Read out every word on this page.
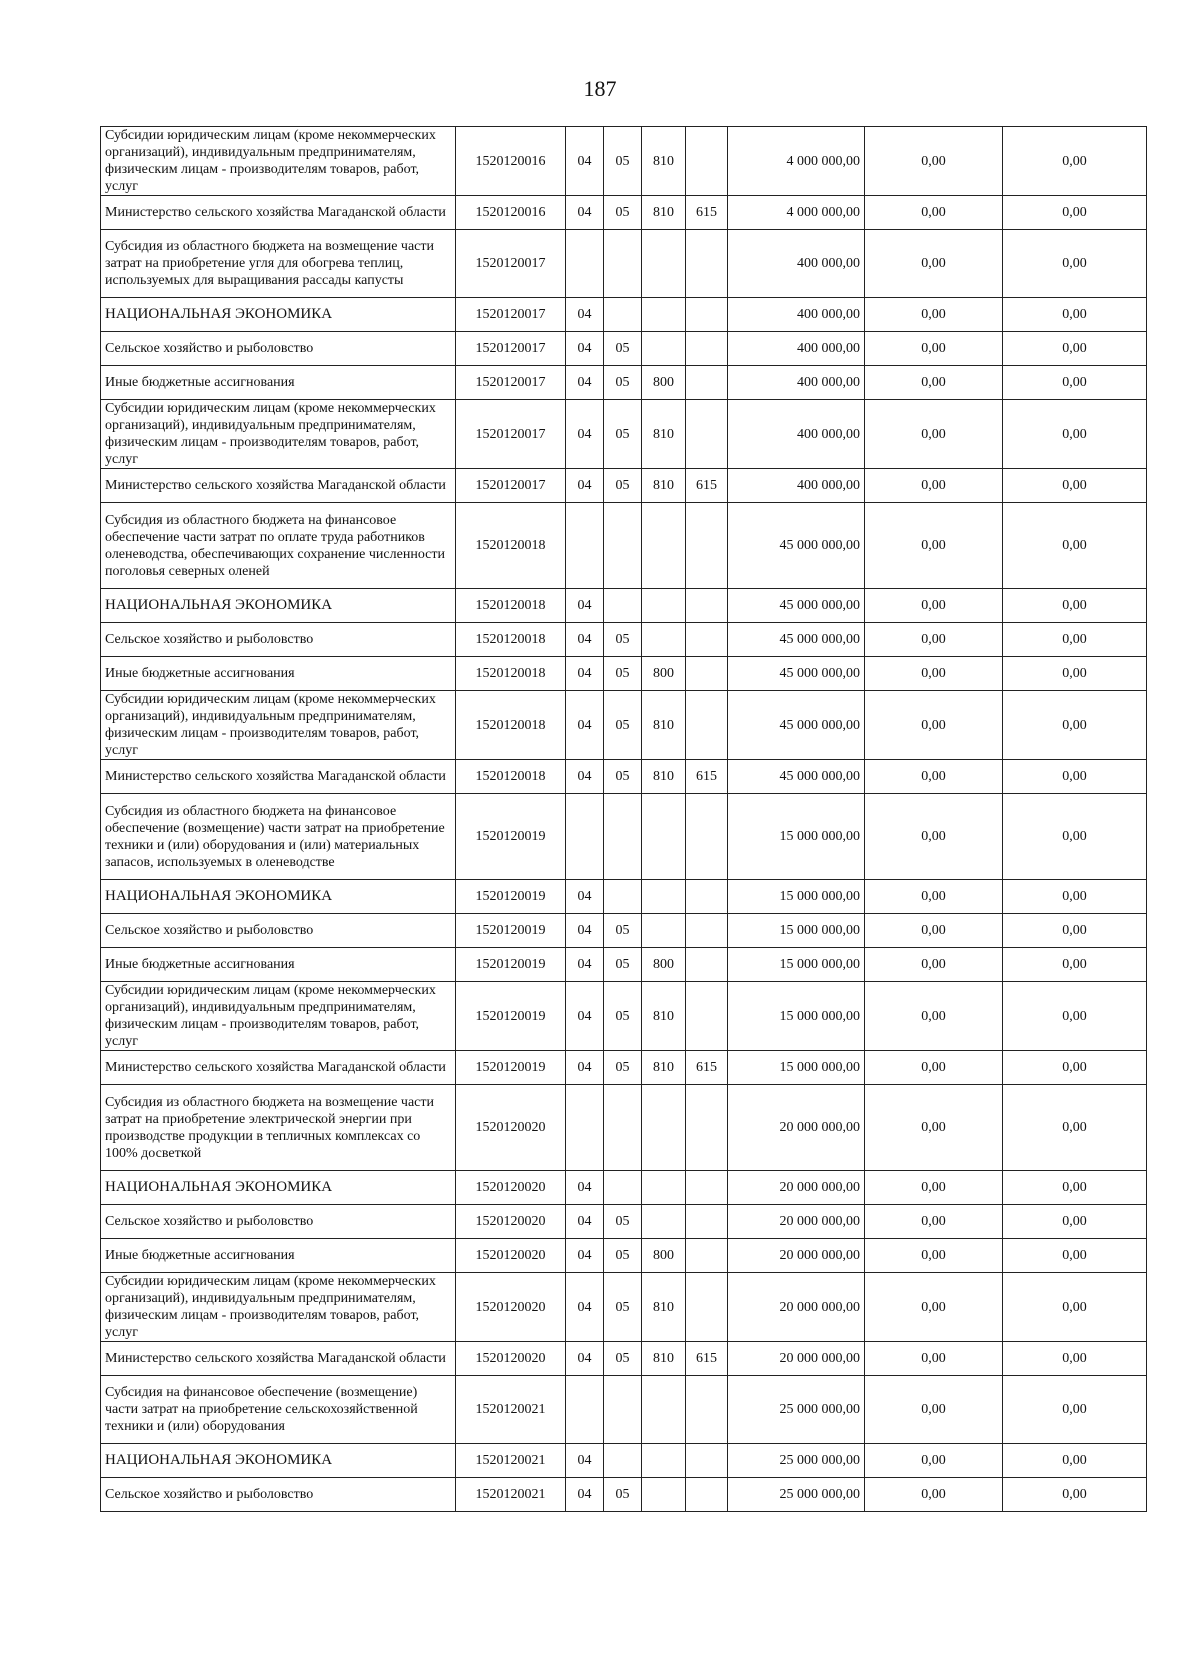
187
Субсидии юридическим лицам (кроме некоммерческих организаций), индивидуальным предпринимателям, физическим лицам - производителям товаров, работ, услуг	1520120016	04	05	810		4 000 000,00	0,00	0,00
Министерство сельского хозяйства Магаданской области	1520120016	04	05	810	615	4 000 000,00	0,00	0,00
Субсидия из областного бюджета на возмещение части затрат на приобретение угля для обогрева теплиц, используемых для выращивания рассады капусты	1520120017					400 000,00	0,00	0,00
НАЦИОНАЛЬНАЯ ЭКОНОМИКА	1520120017	04				400 000,00	0,00	0,00
Сельское хозяйство и рыболовство	1520120017	04	05			400 000,00	0,00	0,00
Иные бюджетные ассигнования	1520120017	04	05	800		400 000,00	0,00	0,00
Субсидии юридическим лицам (кроме некоммерческих организаций), индивидуальным предпринимателям, физическим лицам - производителям товаров, работ, услуг	1520120017	04	05	810		400 000,00	0,00	0,00
Министерство сельского хозяйства Магаданской области	1520120017	04	05	810	615	400 000,00	0,00	0,00
Субсидия из областного бюджета на финансовое обеспечение части затрат по оплате труда работников оленеводства, обеспечивающих сохранение численности поголовья северных оленей	1520120018					45 000 000,00	0,00	0,00
НАЦИОНАЛЬНАЯ ЭКОНОМИКА	1520120018	04				45 000 000,00	0,00	0,00
Сельское хозяйство и рыболовство	1520120018	04	05			45 000 000,00	0,00	0,00
Иные бюджетные ассигнования	1520120018	04	05	800		45 000 000,00	0,00	0,00
Субсидии юридическим лицам (кроме некоммерческих организаций), индивидуальным предпринимателям, физическим лицам - производителям товаров, работ, услуг	1520120018	04	05	810		45 000 000,00	0,00	0,00
Министерство сельского хозяйства Магаданской области	1520120018	04	05	810	615	45 000 000,00	0,00	0,00
Субсидия из областного бюджета на финансовое обеспечение (возмещение) части затрат на приобретение техники и (или) оборудования и (или) материальных запасов, используемых в оленеводстве	1520120019					15 000 000,00	0,00	0,00
НАЦИОНАЛЬНАЯ ЭКОНОМИКА	1520120019	04				15 000 000,00	0,00	0,00
Сельское хозяйство и рыболовство	1520120019	04	05			15 000 000,00	0,00	0,00
Иные бюджетные ассигнования	1520120019	04	05	800		15 000 000,00	0,00	0,00
Субсидии юридическим лицам (кроме некоммерческих организаций), индивидуальным предпринимателям, физическим лицам - производителям товаров, работ, услуг	1520120019	04	05	810		15 000 000,00	0,00	0,00
Министерство сельского хозяйства Магаданской области	1520120019	04	05	810	615	15 000 000,00	0,00	0,00
Субсидия из областного бюджета на возмещение части затрат на приобретение электрической энергии при производстве продукции в тепличных комплексах со 100% досветкой	1520120020					20 000 000,00	0,00	0,00
НАЦИОНАЛЬНАЯ ЭКОНОМИКА	1520120020	04				20 000 000,00	0,00	0,00
Сельское хозяйство и рыболовство	1520120020	04	05			20 000 000,00	0,00	0,00
Иные бюджетные ассигнования	1520120020	04	05	800		20 000 000,00	0,00	0,00
Субсидии юридическим лицам (кроме некоммерческих организаций), индивидуальным предпринимателям, физическим лицам - производителям товаров, работ, услуг	1520120020	04	05	810		20 000 000,00	0,00	0,00
Министерство сельского хозяйства Магаданской области	1520120020	04	05	810	615	20 000 000,00	0,00	0,00
Субсидия на финансовое обеспечение (возмещение) части затрат на приобретение сельскохозяйственной техники и (или) оборудования	1520120021					25 000 000,00	0,00	0,00
НАЦИОНАЛЬНАЯ ЭКОНОМИКА	1520120021	04				25 000 000,00	0,00	0,00
Сельское хозяйство и рыболовство	1520120021	04	05			25 000 000,00	0,00	0,00
